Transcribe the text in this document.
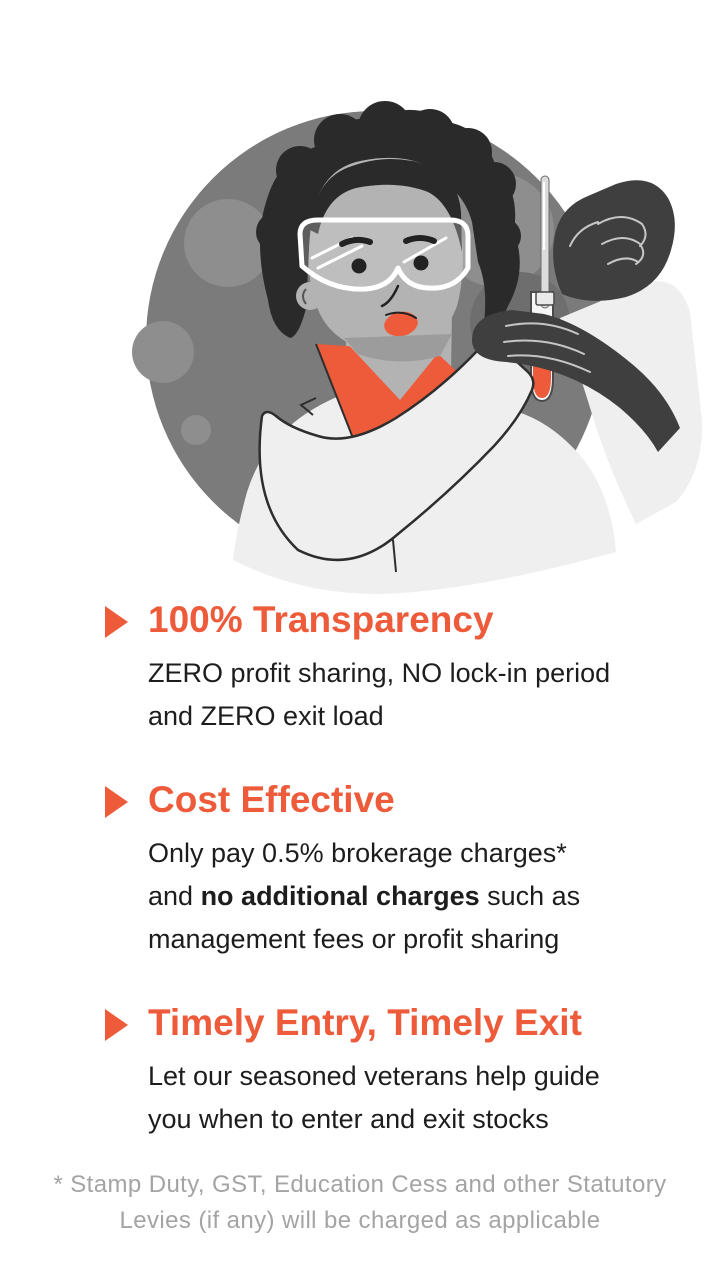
100% Transparency

ZERO profit sharing, NO lock-in period

and ZERO exit load

Cost Effective

Only pay 0.5% brokerage charges*

and no additional charges such as

management fees or profit sharing

Timely Entry, Timely Exit

Let our seasoned veterans help guide

you when to enter and exit stocks

* Stamp Duty, GST, Education Cess and other Statutory

Levies (if any) will be charged as applicable
